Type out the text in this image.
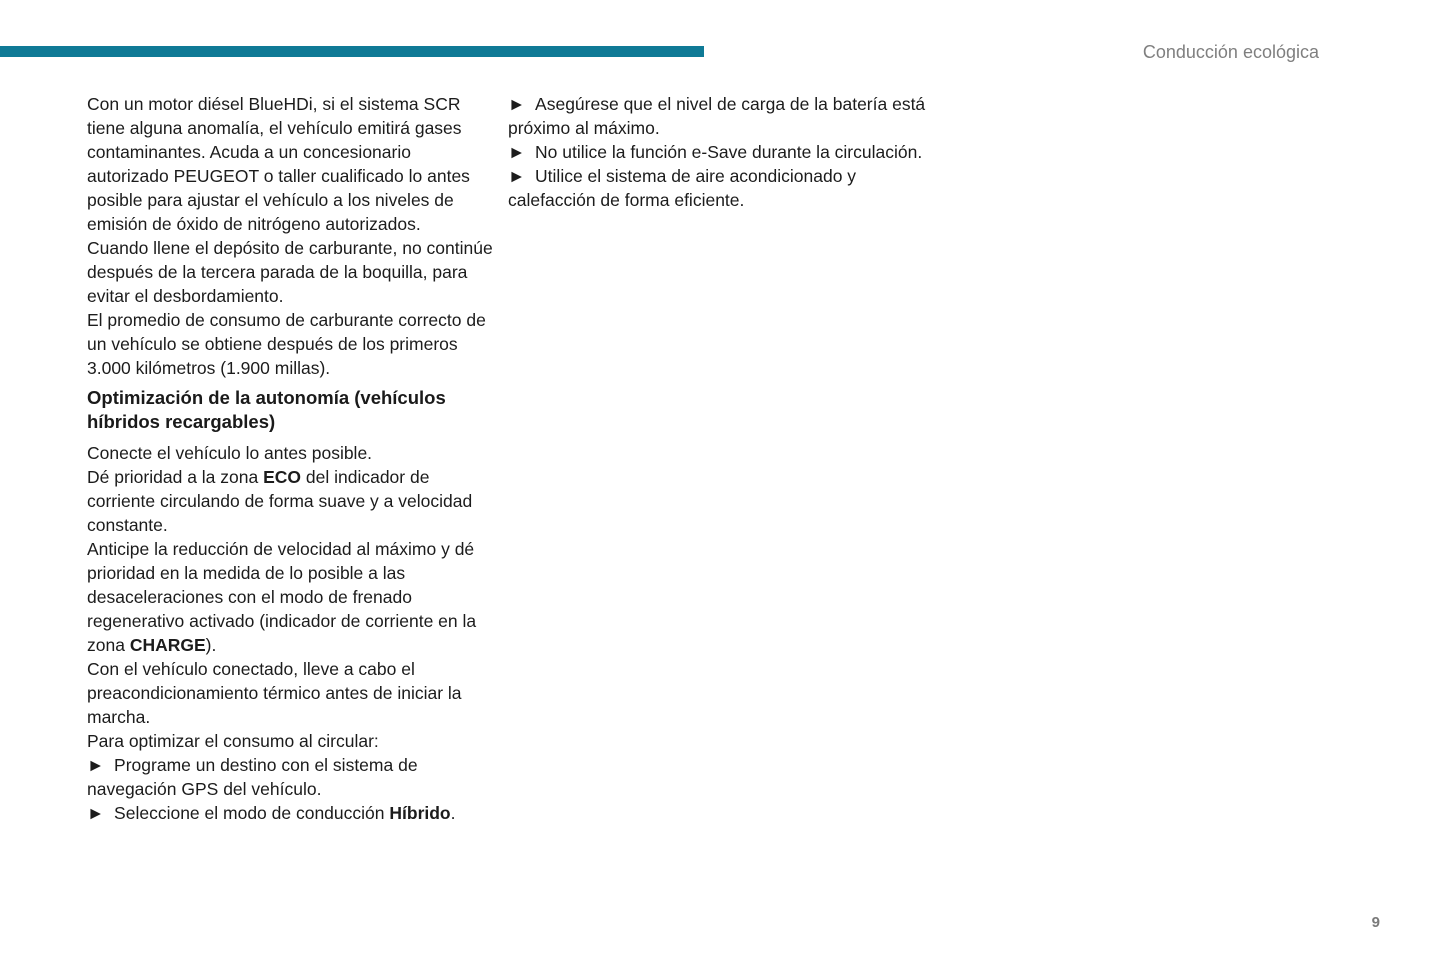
Conducción ecológica

Con un motor diésel BlueHDi, si el sistema SCR tiene alguna anomalía, el vehículo emitirá gases contaminantes. Acuda a un concesionario autorizado PEUGEOT o taller cualificado lo antes posible para ajustar el vehículo a los niveles de emisión de óxido de nitrógeno autorizados.

Cuando llene el depósito de carburante, no continúe después de la tercera parada de la boquilla, para evitar el desbordamiento.

El promedio de consumo de carburante correcto de un vehículo se obtiene después de los primeros 3.000 kilómetros (1.900 millas).

Optimización de la autonomía (vehículos híbridos recargables)

Conecte el vehículo lo antes posible.

Dé prioridad a la zona ECO del indicador de corriente circulando de forma suave y a velocidad constante.

Anticipe la reducción de velocidad al máximo y dé prioridad en la medida de lo posible a las desaceleraciones con el modo de frenado regenerativo activado (indicador de corriente en la zona CHARGE).

Con el vehículo conectado, lleve a cabo el preacondicionamiento térmico antes de iniciar la marcha.

Para optimizar el consumo al circular:

►  Programe un destino con el sistema de navegación GPS del vehículo.

►  Seleccione el modo de conducción Híbrido.

►  Asegúrese que el nivel de carga de la batería está próximo al máximo.

►  No utilice la función e-Save durante la circulación.

►  Utilice el sistema de aire acondicionado y calefacción de forma eficiente.

9
